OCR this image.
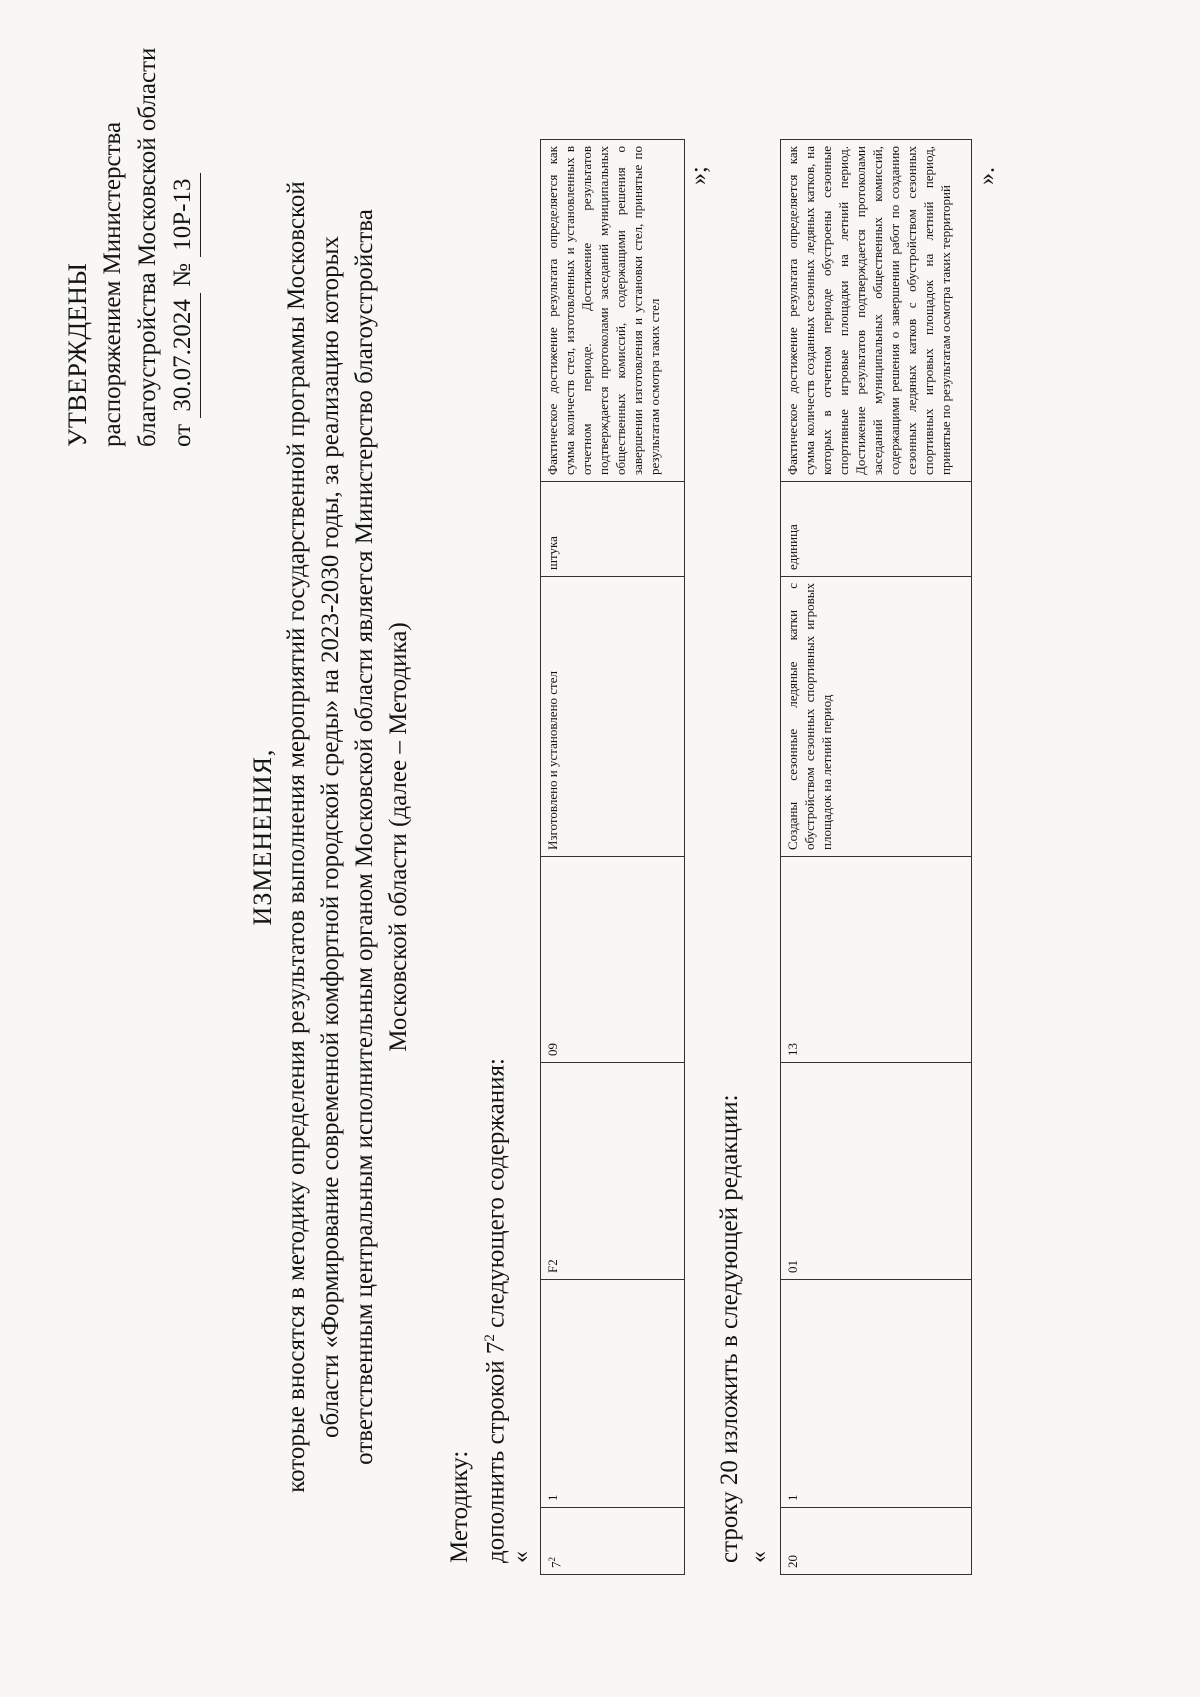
УТВЕРЖДЕНЫ распоряжением Министерства благоустройства Московской области от 30.07.2024 № 10Р-13
ИЗМЕНЕНИЯ, которые вносятся в методику определения результатов выполнения мероприятий государственной программы Московской области «Формирование современной комфортной городской среды» на 2023-2030 годы, за реализацию которых ответственным центральным исполнительным органом Московской области является Министерство благоустройства Московской области (далее – Методика)
Методику: дополнить строкой $7^2$ следующего содержания:
«
$7^2$	1	F2	09	Изготовлено и установлено стел	штука	Фактическое достижение результата определяется как сумма количеств стел, изготовленных и установленных в отчетном периоде. Достижение результатов подтверждается протоколами заседаний муниципальных общественных комиссий, содержащими решения о завершении изготовления и установки стел, принятые по результатам осмотра таких стел
»;
строку 20 изложить в следующей редакции: « 20	1	01	13	Созданы сезонные ледяные катки с обустройством сезонных спортивных игровых площадок на летний период	единица	Фактическое достижение результата определяется как сумма количеств созданных сезонных ледяных катков, на которых в отчетном периоде обустроены сезонные спортивные игровые площадки на летний период. Достижение результатов подтверждается протоколами заседаний муниципальных общественных комиссий, содержащими решения о завершении работ по созданию сезонных ледяных катков с обустройством сезонных спортивных игровых площадок на летний период, принятые по результатам осмотра таких территорий
».
